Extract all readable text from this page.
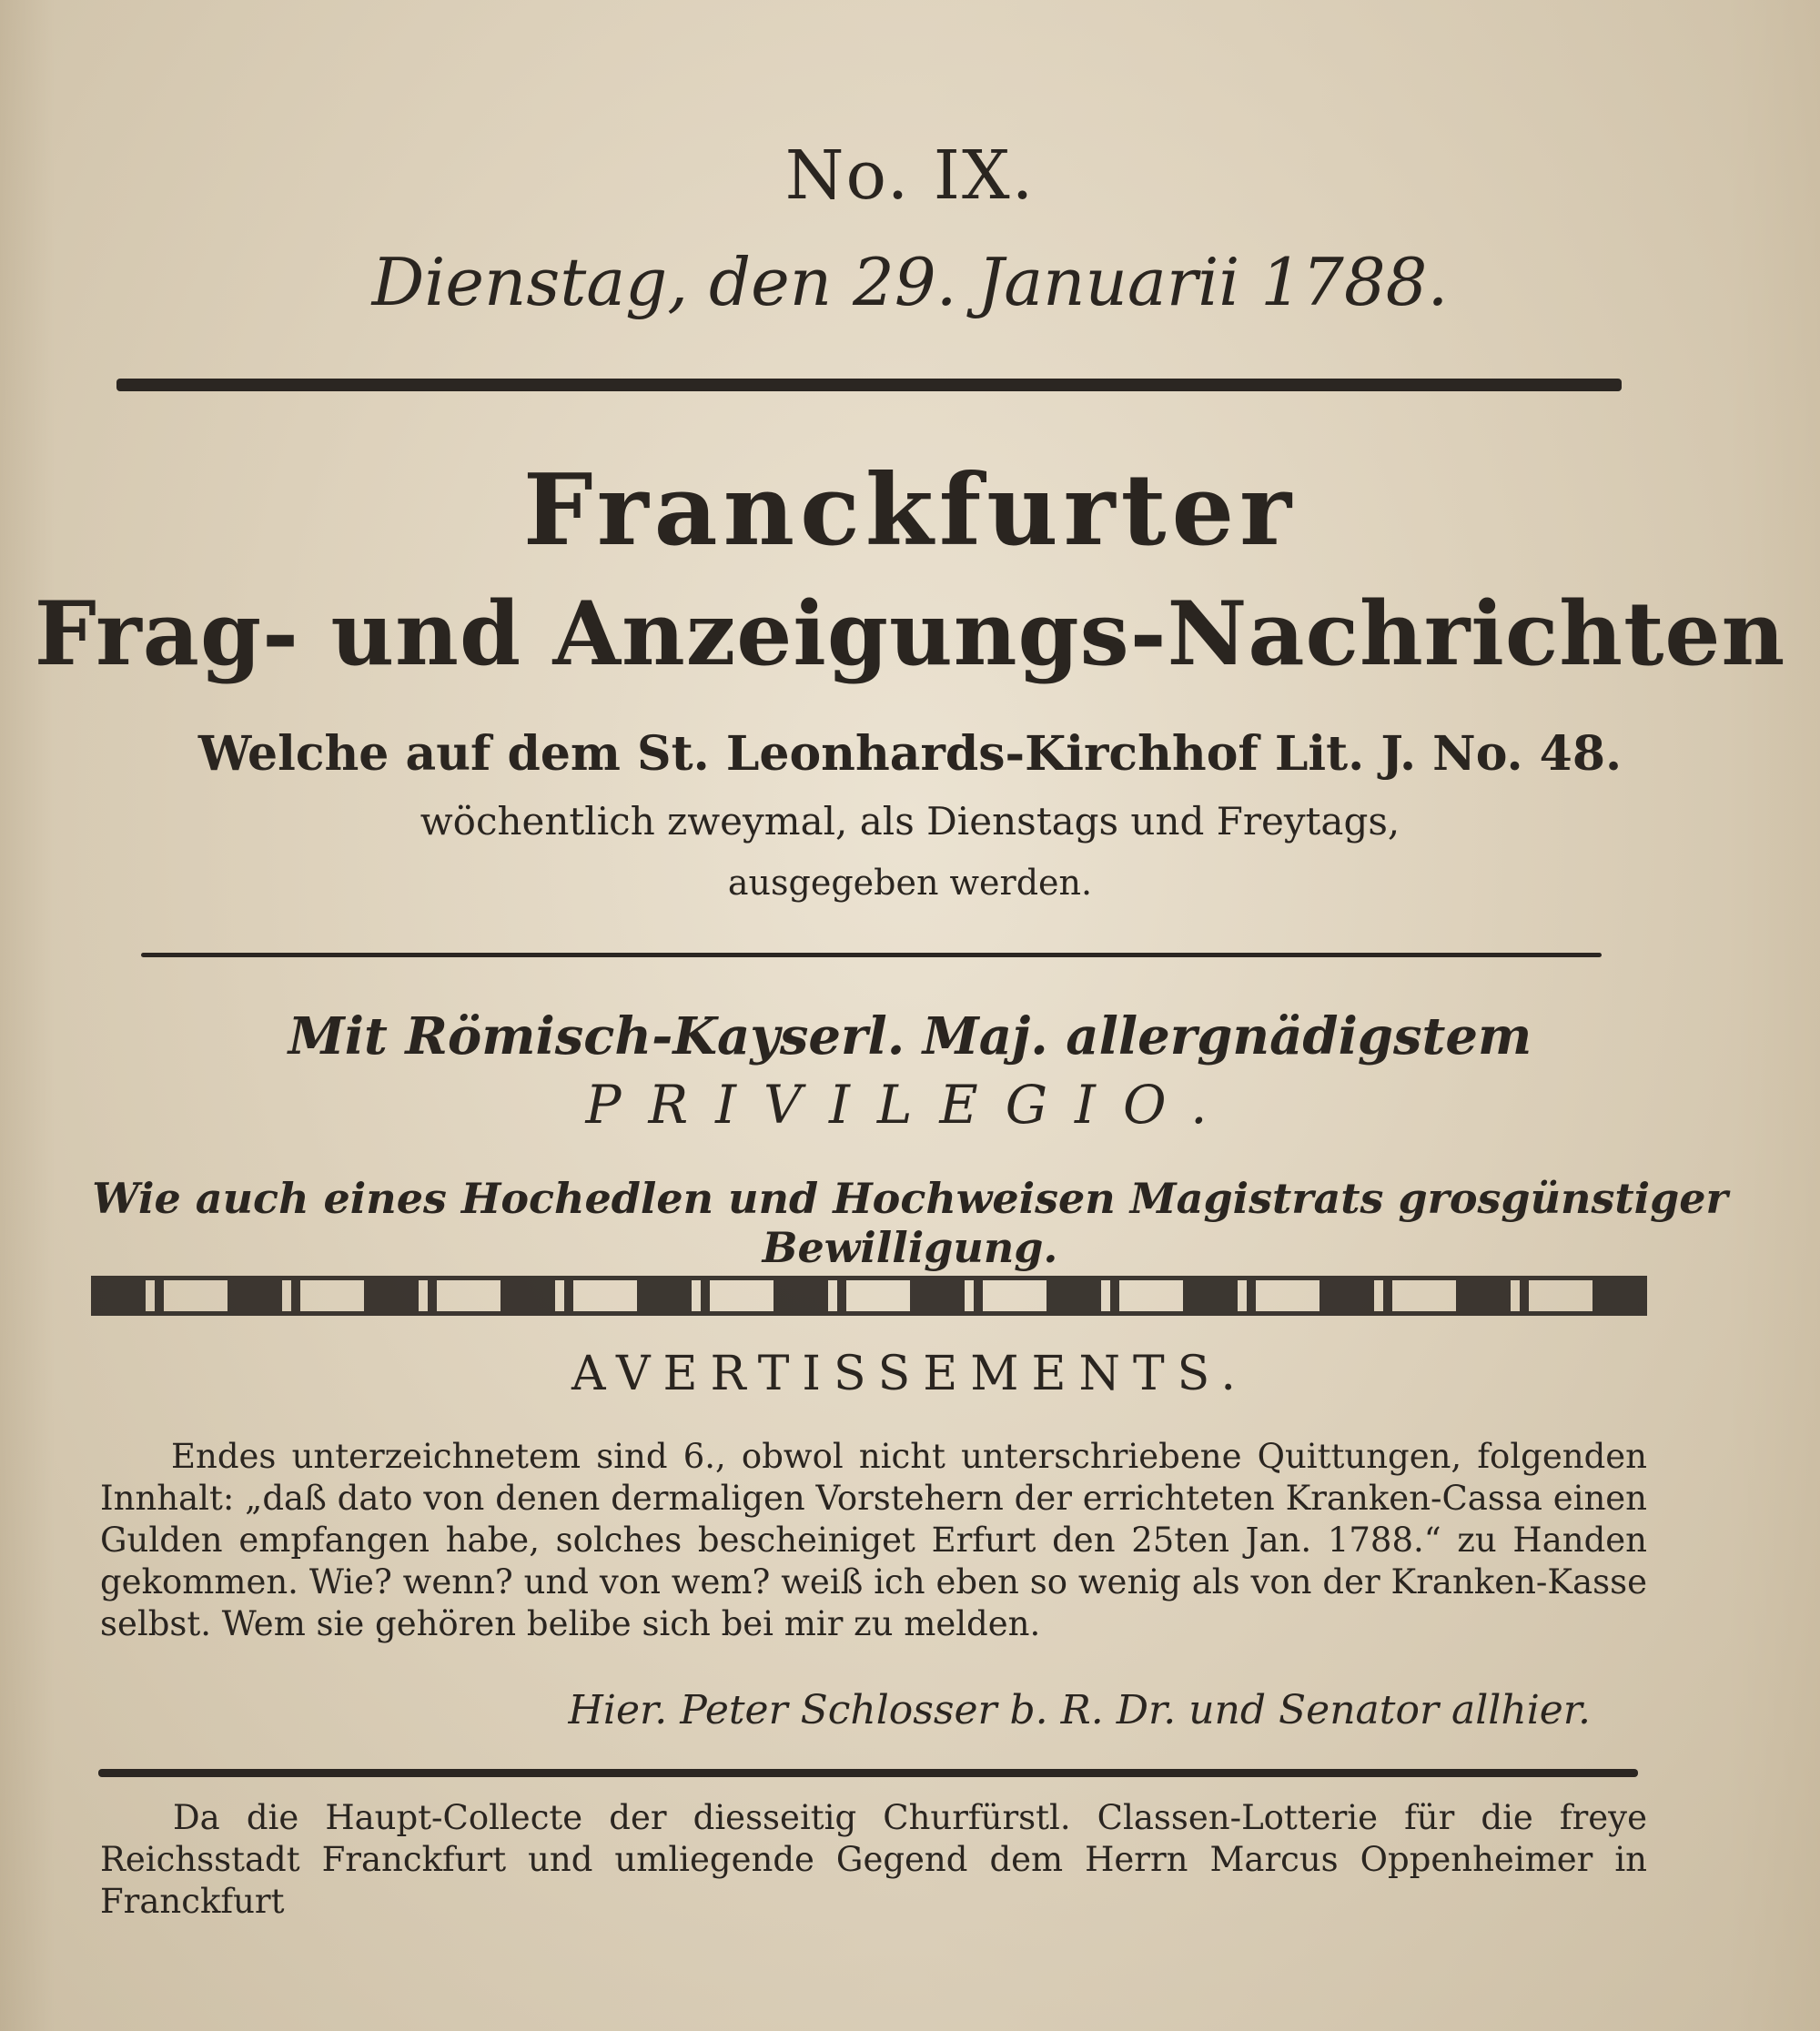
No. IX.
Dienstag, den 29. Januarii 1788.
Franckfurter
Frag- und Anzeigungs-Nachrichten
Welche auf dem St. Leonhards-Kirchhof Lit. J. No. 48.
wöchentlich zweymal, als Dienstags und Freytags,
ausgegeben werden.
Mit Römisch-Kayserl. Maj. allergnädigstem
PRIVILEGIO.
Wie auch eines Hochedlen und Hochweisen Magistrats grosgünstiger Bewilligung.
AVERTISSEMENTS.
Endes unterzeichnetem sind 6., obwol nicht unterschriebene Quittungen, folgenden Innhalt: „daß dato von denen dermaligen Vorstehern der errichteten Kranken-Cassa einen Gulden empfangen habe, solches bescheiniget Erfurt den 25ten Jan. 1788.“ zu Handen gekommen. Wie? wenn? und von wem? weiß ich eben so wenig als von der Kranken-Kasse selbst. Wem sie gehören belibe sich bei mir zu melden.
Hier. Peter Schlosser b. R. Dr. und Senator allhier.
Da die Haupt-Collecte der diesseitig Churfürstl. Classen-Lotterie für die freye Reichsstadt Franckfurt und umliegende Gegend dem Herrn Marcus Oppenheimer in Franckfurt
